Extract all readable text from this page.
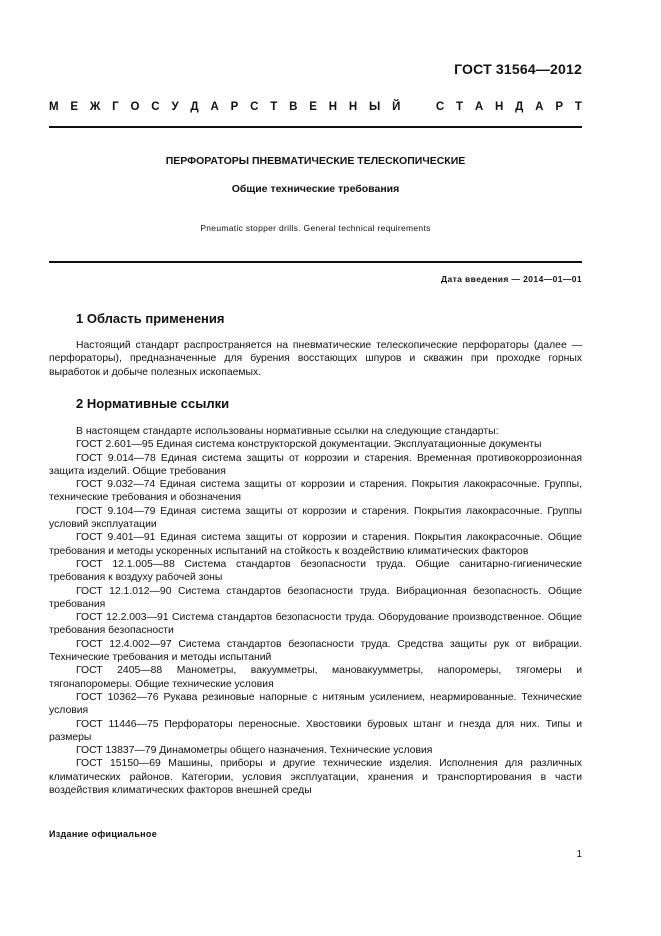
ГОСТ 31564—2012
М Е Ж Г О С У Д А Р С Т В Е Н Н Ы Й	С Т А Н Д А Р Т
ПЕРФОРАТОРЫ ПНЕВМАТИЧЕСКИЕ ТЕЛЕСКОПИЧЕСКИЕ
Общие технические требования
Pneumatic stopper drills. General technical requirements
Дата введения — 2014—01—01
1 Область применения

Настоящий стандарт распространяется на пневматические телескопические перфораторы (далее — перфораторы), предназначенные для бурения восстающих шпуров и скважин при проходке горных выработок и добыче полезных ископаемых.

2 Нормативные ссылки

В настоящем стандарте использованы нормативные ссылки на следующие стандарты:

ГОСТ 2.601—95 Единая система конструкторской документации. Эксплуатационные документы

ГОСТ 9.014—78 Единая система защиты от коррозии и старения. Временная противокоррозионная защита изделий. Общие требования

ГОСТ 9.032—74 Единая система защиты от коррозии и старения. Покрытия лакокрасочные. Группы, технические требования и обозначения

ГОСТ 9.104—79 Единая система защиты от коррозии и старения. Покрытия лакокрасочные. Группы условий эксплуатации

ГОСТ 9.401—91 Единая система защиты от коррозии и старения. Покрытия лакокрасочные. Общие требования и методы ускоренных испытаний на стойкость к воздействию климатических факторов

ГОСТ 12.1.005—88 Система стандартов безопасности труда. Общие санитарно-гигиенические требования к воздуху рабочей зоны

ГОСТ 12.1.012—90 Система стандартов безопасности труда. Вибрационная безопасность. Общие требования

ГОСТ 12.2.003—91 Система стандартов безопасности труда. Оборудование производственное. Общие требования безопасности

ГОСТ 12.4.002—97 Система стандартов безопасности труда. Средства защиты рук от вибрации. Технические требования и методы испытаний

ГОСТ 2405—88 Манометры, вакуумметры, мановакуумметры, напоромеры, тягомеры и тягонапоромеры. Общие технические условия

ГОСТ 10362—76 Рукава резиновые напорные с нитяным усилением, неармированные. Технические условия

ГОСТ 11446—75 Перфораторы переносные. Хвостовики буровых штанг и гнезда для них. Типы и размеры

ГОСТ 13837—79 Динамометры общего назначения. Технические условия

ГОСТ 15150—69 Машины, приборы и другие технические изделия. Исполнения для различных климатических районов. Категории, условия эксплуатации, хранения и транспортирования в части воздействия климатических факторов внешней среды

Издание официальное
1
